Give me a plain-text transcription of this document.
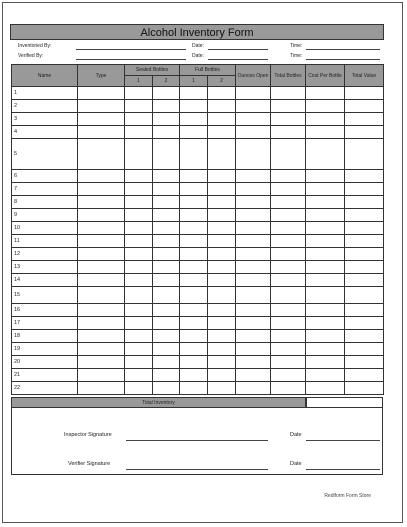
Alcohol Inventory Form
Inventoried By:	Date:	Time:
Verified By:	Date:	Time:
Name	Type	Sealed Bottles		Full Bottles		Ounces Open	Total Bottles	Cost Per Bottle	Total Value
		1	2	1	2				
1									
2									
3									
4									
5									
6									
7									
8									
9									
10									
11									
12									
13									
14									
15									
16									
17									
18									
19									
20									
21									
22									
Total Inventory
Inspector Signature	Date
Verifier Signature	Date
Rediform Form Store
